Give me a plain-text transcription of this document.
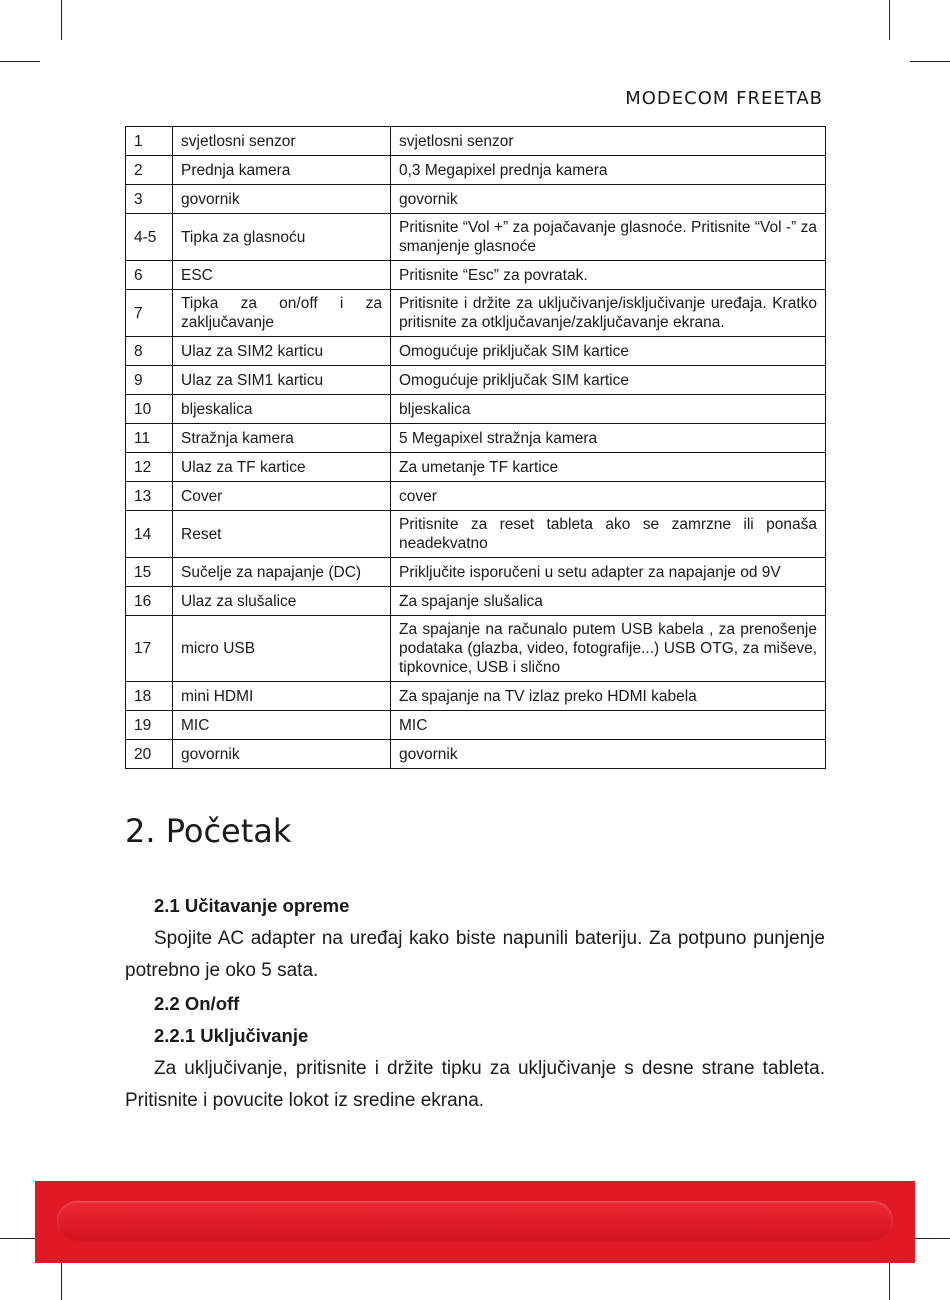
MODECOM FREETAB
1	svjetlosni senzor	svjetlosni senzor
2	Prednja kamera	0,3 Megapixel prednja kamera
3	govornik	govornik
4-5	Tipka za glasnoću	Pritisnite “Vol +” za pojačavanje glasnoće. Pritisnite “Vol -” za smanjenje glasnoće
6	ESC	Pritisnite “Esc” za povratak.
7	Tipka za on/off i za zaključavanje	Pritisnite i držite za uključivanje/isključivanje uređaja. Kratko pritisnite za otključavanje/zaključavanje ekrana.
8	Ulaz za SIM2 karticu	Omogućuje priključak SIM kartice
9	Ulaz za SIM1 karticu	Omogućuje priključak SIM kartice
10	bljeskalica	bljeskalica
11	Stražnja kamera	5 Megapixel stražnja kamera
12	Ulaz za TF kartice	Za umetanje TF kartice
13	Cover	cover
14	Reset	Pritisnite za reset tableta ako se zamrzne ili ponaša neadekvatno
15	Sučelje za napajanje (DC)	Priključite isporučeni u setu adapter za napajanje od 9V
16	Ulaz za slušalice	Za spajanje slušalica
17	micro USB	Za spajanje na računalo putem USB kabela , za prenošenje podataka (glazba, video, fotografije...) USB OTG, za miševe, tipkovnice, USB i slično
18	mini HDMI	Za spajanje na TV izlaz preko HDMI kabela
19	MIC	MIC
20	govornik	govornik
2. Početak
2.1 Učitavanje opreme

Spojite AC adapter na uređaj kako biste napunili bateriju. Za potpuno punjenje potrebno je oko 5 sata.

2.2 On/off
2.2.1 Uključivanje

Za uključivanje, pritisnite i držite tipku za uključivanje s desne strane tableta. Pritisnite i povucite lokot iz sredine ekrana.
